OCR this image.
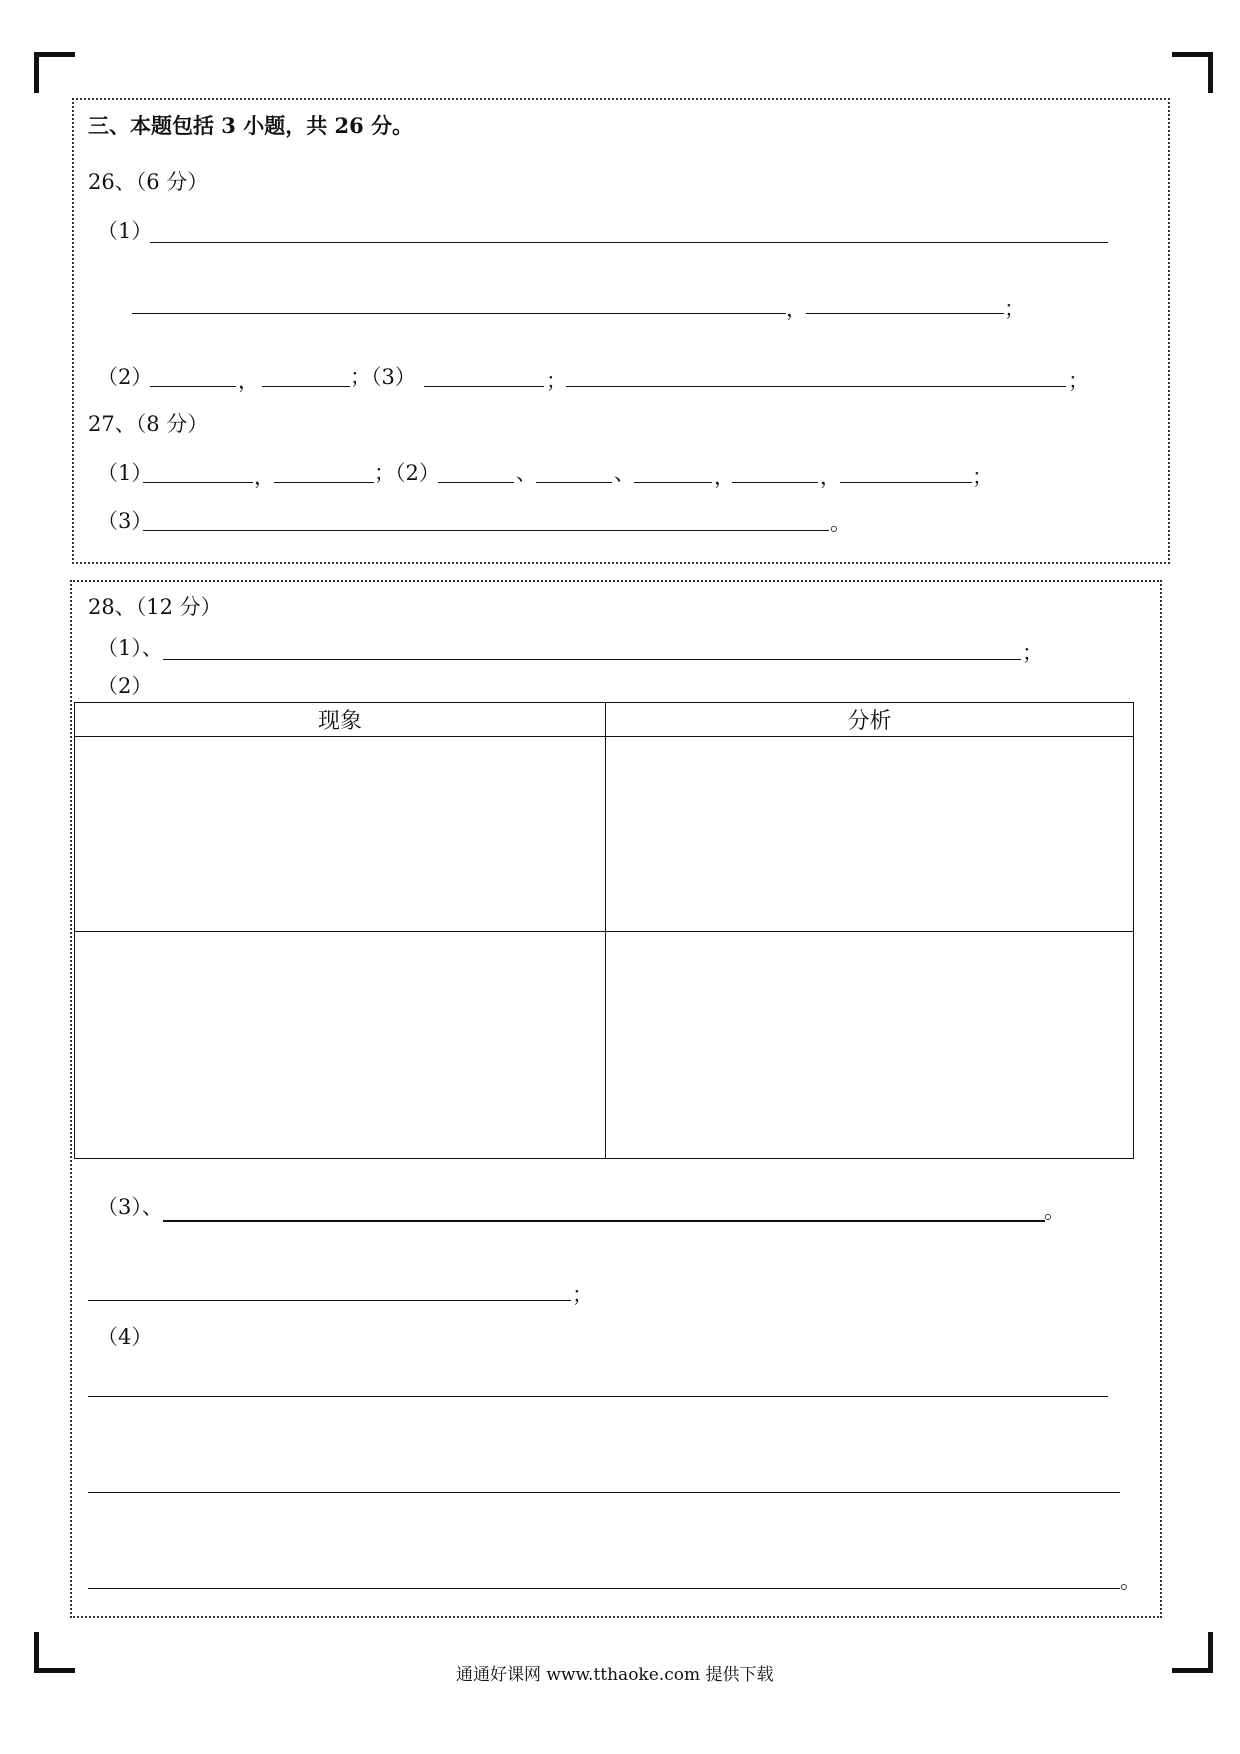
三、本题包括 3 小题，共 26 分。
26、（6 分）
（1）
，	；
（2）	，	；（3）	；	；
27、（8 分）
（1）	，	；（2）	、	、	，	，	；
（3）	。
28、（12 分）
（1）、	；
（2）
现象	分析

（3）、	。
；
（4）
。
通通好课网 www.tthaoke.com 提供下载
